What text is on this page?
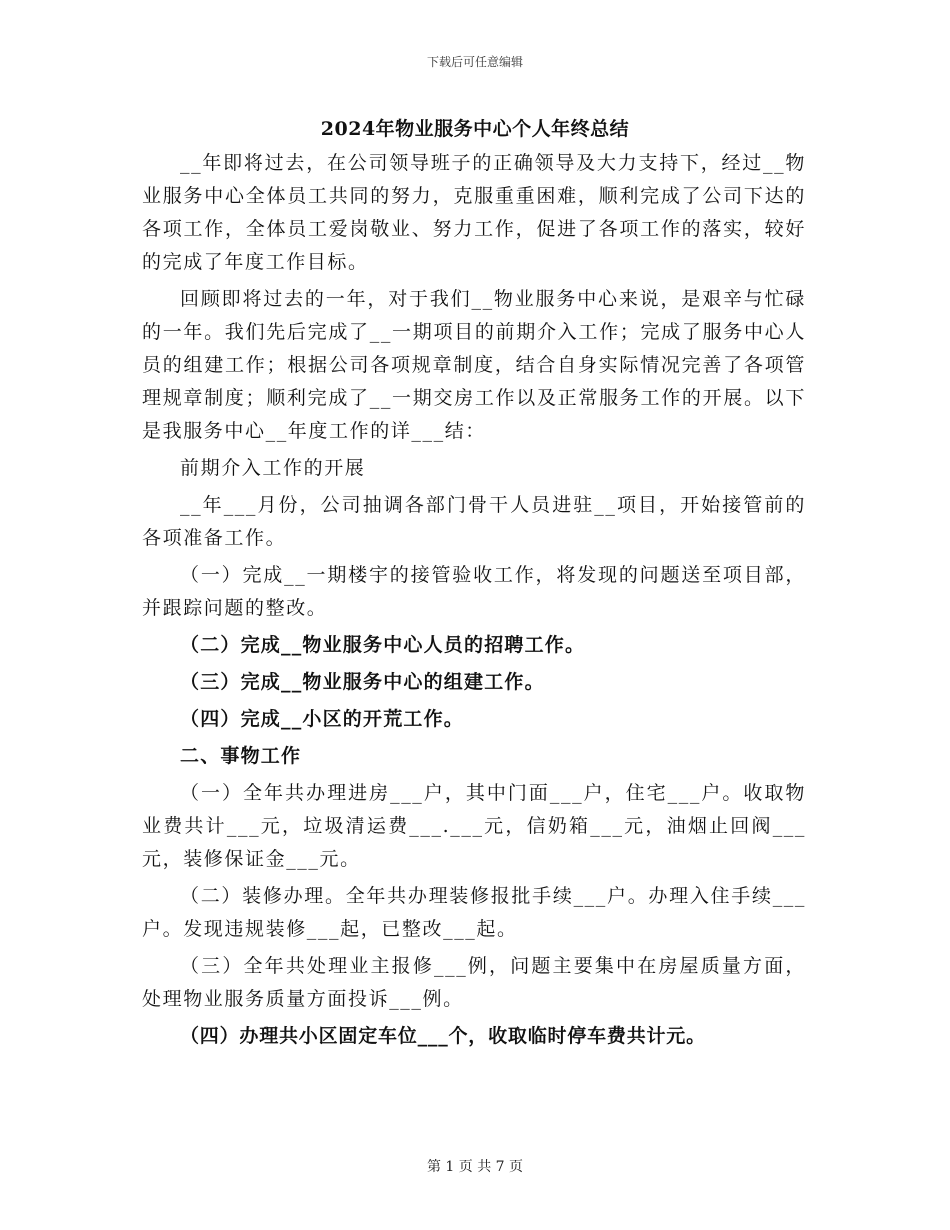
下载后可任意编辑
2024年物业服务中心个人年终总结

__年即将过去，在公司领导班子的正确领导及大力支持下，经过__物业服务中心全体员工共同的努力，克服重重困难，顺利完成了公司下达的各项工作，全体员工爱岗敬业、努力工作，促进了各项工作的落实，较好的完成了年度工作目标。

回顾即将过去的一年，对于我们__物业服务中心来说，是艰辛与忙碌的一年。我们先后完成了__一期项目的前期介入工作；完成了服务中心人员的组建工作；根据公司各项规章制度，结合自身实际情况完善了各项管理规章制度；顺利完成了__一期交房工作以及正常服务工作的开展。以下是我服务中心__年度工作的详___结：

前期介入工作的开展

__年___月份，公司抽调各部门骨干人员进驻__项目，开始接管前的各项准备工作。

（一）完成__一期楼宇的接管验收工作，将发现的问题送至项目部，并跟踪问题的整改。

（二）完成__物业服务中心人员的招聘工作。

（三）完成__物业服务中心的组建工作。

（四）完成__小区的开荒工作。

二、事物工作

（一）全年共办理进房___户，其中门面___户，住宅___户。收取物业费共计___元，垃圾清运费___.___元，信奶箱___元，油烟止回阀___元，装修保证金___元。

（二）装修办理。全年共办理装修报批手续___户。办理入住手续___户。发现违规装修___起，已整改___起。

（三）全年共处理业主报修___例，问题主要集中在房屋质量方面，处理物业服务质量方面投诉___例。

（四）办理共小区固定车位___个，收取临时停车费共计元。

第 1 页 共 7 页
